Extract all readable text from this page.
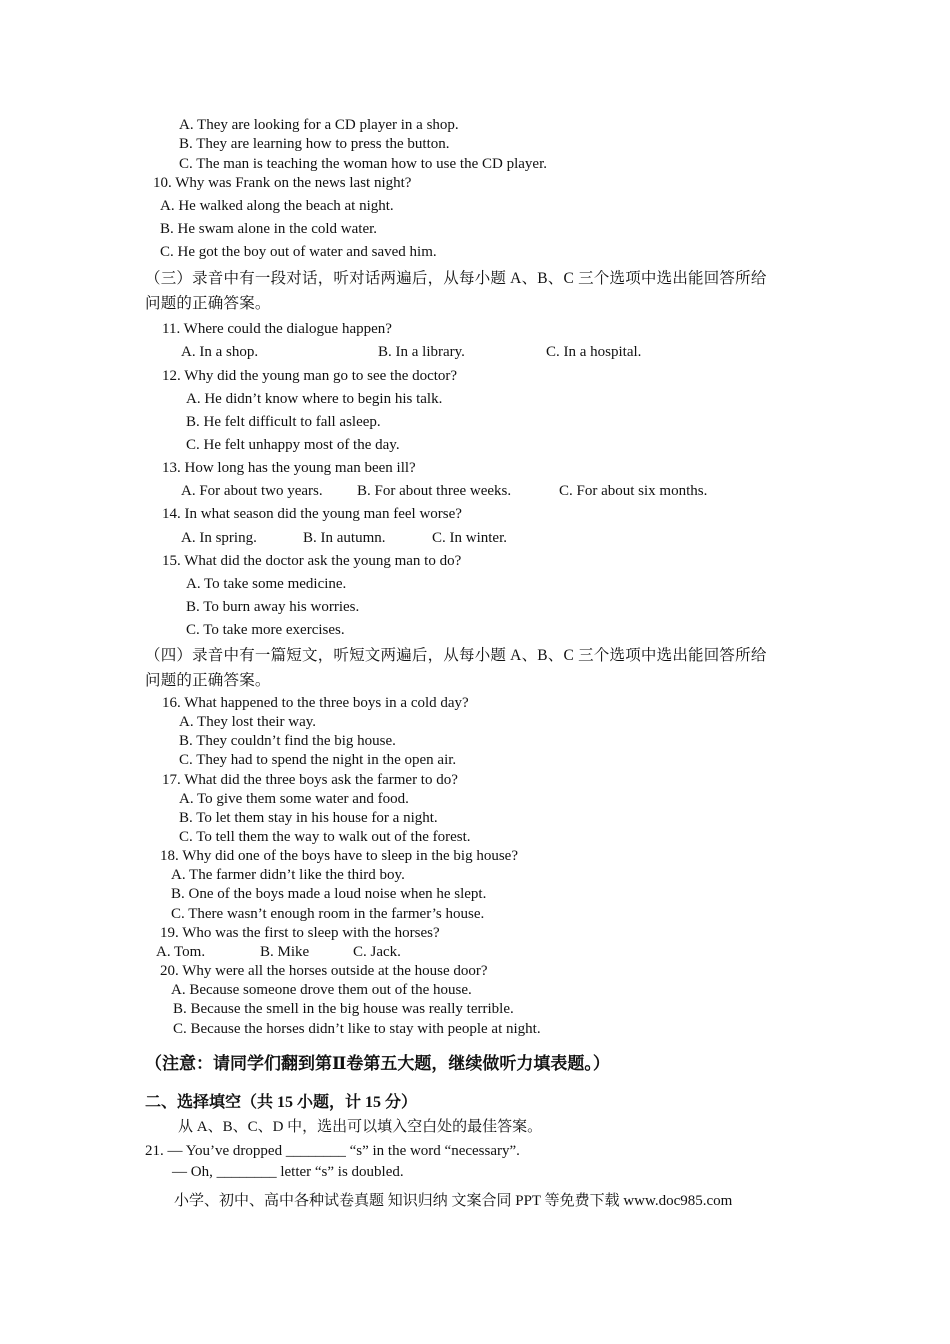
A. They are looking for a CD player in a shop.
B. They are learning how to press the button.
C. The man is teaching the woman how to use the CD player.
10. Why was Frank on the news last night?
A. He walked along the beach at night.
B. He swam alone in the cold water.
C. He got the boy out of water and saved him.
（三）录音中有一段对话，听对话两遍后，从每小题 A、B、C 三个选项中选出能回答所给
问题的正确答案。
11. Where could the dialogue happen?
A. In a shop.	B. In a library.	C. In a hospital.
12. Why did the young man go to see the doctor?
A. He didn’t know where to begin his talk.
B. He felt difficult to fall asleep.
C. He felt unhappy most of the day.
13. How long has the young man been ill?
A. For about two years. B. For about three weeks.	C. For about six months.
14. In what season did the young man feel worse?
A. In spring.	B. In autumn.	C. In winter.
15. What did the doctor ask the young man to do?
A. To take some medicine.
B. To burn away his worries.
C. To take more exercises.
（四）录音中有一篇短文，听短文两遍后，从每小题 A、B、C 三个选项中选出能回答所给
问题的正确答案。
16. What happened to the three boys in a cold day?
A. They lost their way.
B. They couldn’t find the big house.
C. They had to spend the night in the open air.
17. What did the three boys ask the farmer to do?
A. To give them some water and food.
B. To let them stay in his house for a night.
C. To tell them the way to walk out of the forest.
18. Why did one of the boys have to sleep in the big house?
A. The farmer didn’t like the third boy.
B. One of the boys made a loud noise when he slept.
C. There wasn’t enough room in the farmer’s house.
19. Who was the first to sleep with the horses?
A. Tom.	B. Mike	C. Jack.
20. Why were all the horses outside at the house door?
A. Because someone drove them out of the house.
B. Because the smell in the big house was really terrible.
C. Because the horses didn’t like to stay with people at night.
（注意：请同学们翻到第Ⅱ卷第五大题，继续做听力填表题。）
二、选择填空（共 15 小题，计 15 分）
从 A、B、C、D 中，选出可以填入空白处的最佳答案。
21. — You’ve dropped ________ “s” in the word “necessary”.
— Oh, ________ letter “s” is doubled.
小学、初中、高中各种试卷真题 知识归纳 文案合同 PPT 等免费下载 www.doc985.com
